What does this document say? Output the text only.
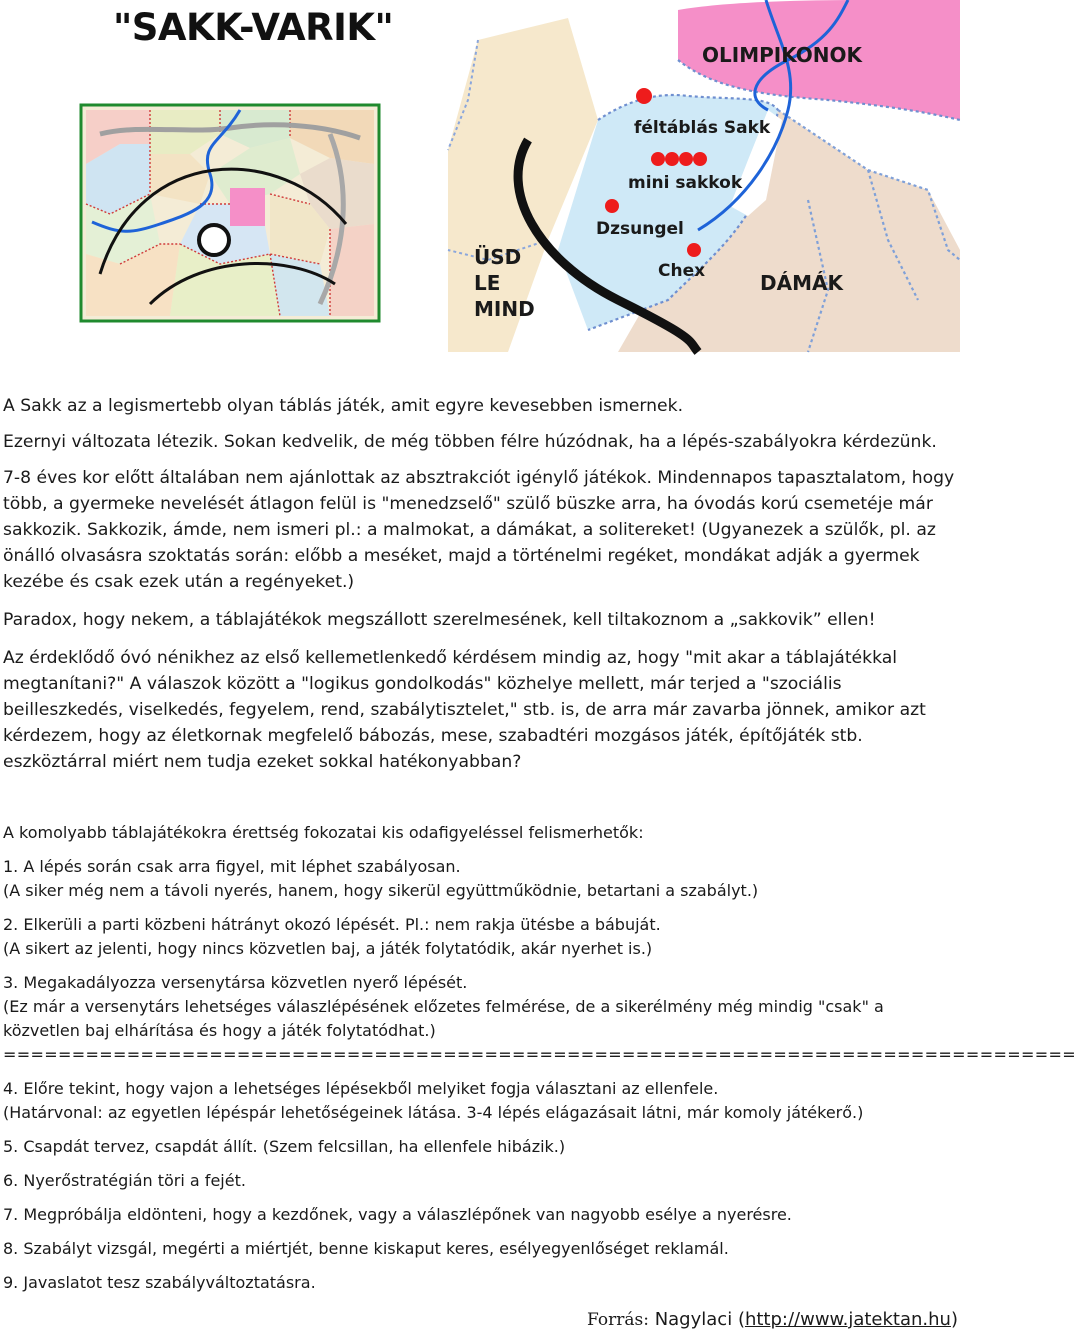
"SAKK-VARIK"
OLIMPIKONOK
féltáblás Sakk
mini sakkok
Dzsungel
Chex	DÁMÁK
ÜSD
LE
MIND

A Sakk az a legismertebb olyan táblás játék, amit egyre kevesebben ismernek.

Ezernyi változata létezik. Sokan kedvelik, de még többen félre húzódnak, ha a lépés-szabályokra kérdezünk.

7-8 éves kor előtt általában nem ajánlottak az absztrakciót igénylő játékok. Mindennapos tapasztalatom, hogy több, a gyermeke nevelését átlagon felül is "menedzselő" szülő büszke arra, ha óvodás korú csemetéje már sakkozik. Sakkozik, ámde, nem ismeri pl.: a malmokat, a dámákat, a solitereket! (Ugyanezek a szülők, pl. az önálló olvasásra szoktatás során: előbb a meséket, majd a történelmi regéket, mondákat adják a gyermek kezébe és csak ezek után a regényeket.)

Paradox, hogy nekem, a táblajátékok megszállott szerelmesének, kell tiltakoznom a „sakkovik” ellen!

Az érdeklődő óvó nénikhez az első kellemetlenkedő kérdésem mindig az, hogy "mit akar a táblajátékkal megtanítani?" A válaszok között a "logikus gondolkodás" közhelye mellett, már terjed a "szociális beilleszkedés, viselkedés, fegyelem, rend, szabálytisztelet," stb. is, de arra már zavarba jönnek, amikor azt kérdezem, hogy az életkornak megfelelő bábozás, mese, szabadtéri mozgásos játék, építőjáték stb. eszköztárral miért nem tudja ezeket sokkal hatékonyabban?

A komolyabb táblajátékokra érettség fokozatai kis odafigyeléssel felismerhetők:

1. A lépés során csak arra figyel, mit léphet szabályosan.

(A siker még nem a távoli nyerés, hanem, hogy sikerül együttműködnie, betartani a szabályt.)

2. Elkerüli a parti közbeni hátrányt okozó lépését. Pl.: nem rakja ütésbe a bábuját.

(A sikert az jelenti, hogy nincs közvetlen baj, a játék folytatódik, akár nyerhet is.)

3. Megakadályozza versenytársa közvetlen nyerő lépését.

(Ez már a versenytárs lehetséges válaszlépésének előzetes felmérése, de a sikerélmény még mindig "csak" a közvetlen baj elhárítása és hogy a játék folytatódhat.)

==============================================================================

4. Előre tekint, hogy vajon a lehetséges lépésekből melyiket fogja választani az ellenfele.

(Határvonal: az egyetlen lépéspár lehetőségeinek látása. 3-4 lépés elágazásait látni, már komoly játékerő.)

5. Csapdát tervez, csapdát állít. (Szem felcsillan, ha ellenfele hibázik.)

6. Nyerőstratégián töri a fejét.

7. Megpróbálja eldönteni, hogy a kezdőnek, vagy a válaszlépőnek van nagyobb esélye a nyerésre.

8. Szabályt vizsgál, megérti a miértjét, benne kiskaput keres, esélyegyenlőséget reklamál.

9. Javaslatot tesz szabályváltoztatásra.

Forrás: Nagylaci (http://www.jatektan.hu)
